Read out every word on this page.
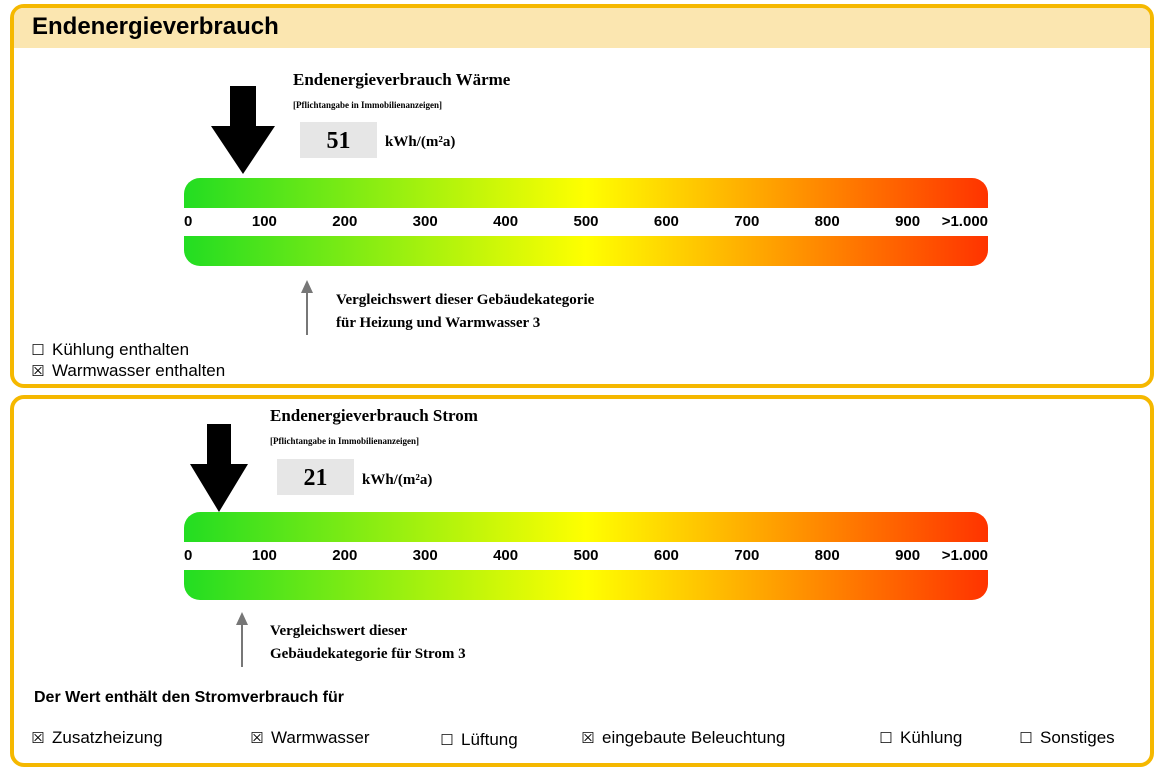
Endenergieverbrauch
Endenergieverbrauch Wärme
[Pflichtangabe in Immobilienanzeigen]
51	kWh/(m²a)
0	100	200	300	400	500	600	700	800	900 >1.000
Vergleichswert dieser Gebäudekategorie
für Heizung und Warmwasser 3
☐ Kühlung enthalten
☒ Warmwasser enthalten
Endenergieverbrauch Strom
[Pflichtangabe in Immobilienanzeigen]
21	kWh/(m²a)
0	100	200	300	400	500	600	700	800	900 >1.000
Vergleichswert dieser
Gebäudekategorie für Strom 3
Der Wert enthält den Stromverbrauch für
☒ Zusatzheizung	☒ Warmwasser	☐ Lüftung	☒ eingebaute Beleuchtung	☐ Kühlung	☐ Sonstiges
